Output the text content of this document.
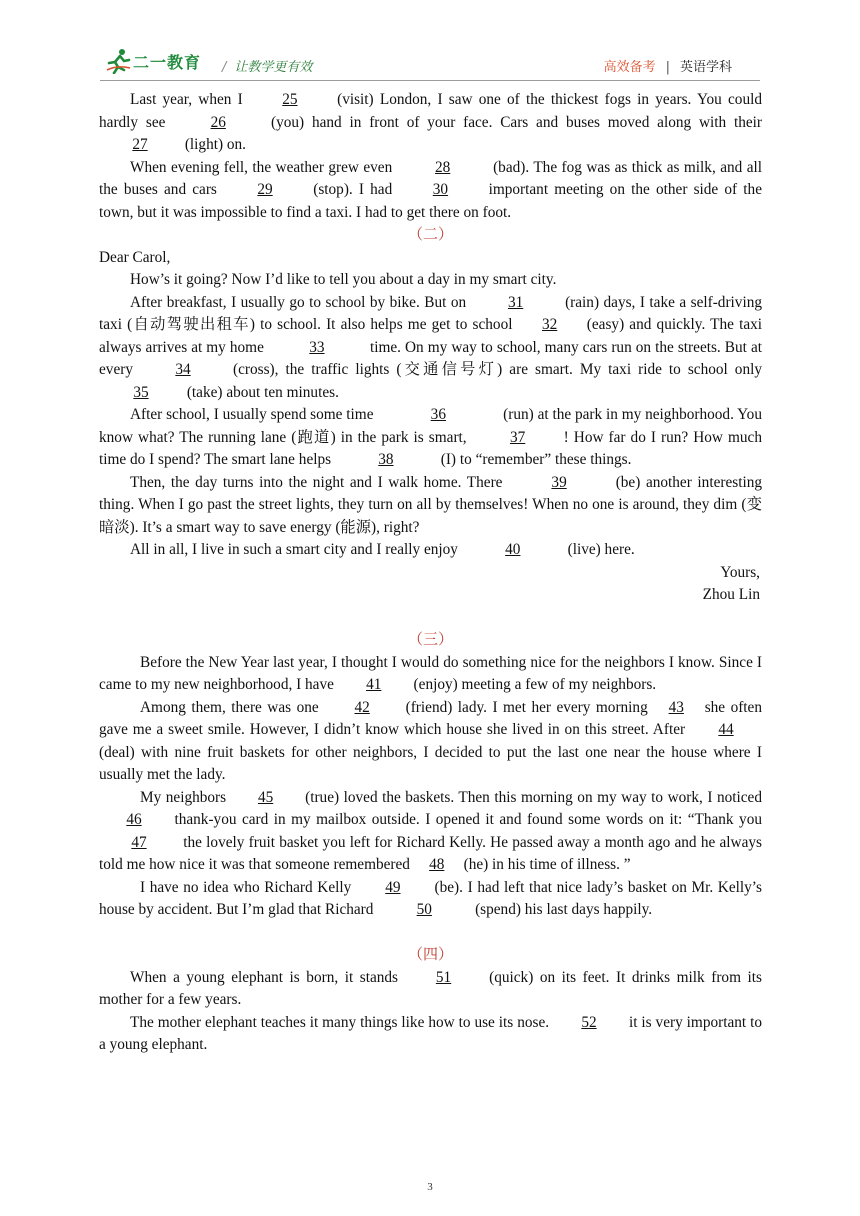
二一教育 / 让教学更有效	高效备考 | 英语学科

Last year, when I 25 (visit) London, I saw one of the thickest fogs in years. You could hardly see 26 (you) hand in front of your face. Cars and buses moved along with their 27 (light) on.

When evening fell, the weather grew even	28	(bad). The fog was as thick as milk, and all the buses and cars 29 (stop). I had 30 important meeting on the other side of the town, but it was impossible to find a taxi. I had to get there on foot.

（二）

Dear Carol,

How’s it going? Now I’d like to tell you about a day in my smart city.

After breakfast, I usually go to school by bike. But on 31 (rain) days, I take a self-driving taxi (自动驾驶出租车) to school. It also helps me get to school 32 (easy) and quickly. The taxi always arrives at my home	33	time. On my way to school, many cars run on the streets. But at every 34 (cross), the traffic lights (交通信号灯) are smart. My taxi ride to school only 35 (take) about ten minutes.

After school, I usually spend some time	36	(run) at the park in my neighborhood. You know what? The running lane (跑道) in the park is smart,	37	! How far do I run? How much time do I spend? The smart lane helps	38	(I) to “remember” these things.

Then, the day turns into the night and I walk home. There	39	(be) another interesting thing. When I go past the street lights, they turn on all by themselves! When no one is around, they dim (变暗淡). It’s a smart way to save energy (能源), right?

All in all, I live in such a smart city and I really enjoy	40	(live) here.

Yours,

Zhou Lin

（三）

Before the New Year last year, I thought I would do something nice for the neighbors I know. Since I came to my new neighborhood, I have 41 (enjoy) meeting a few of my neighbors.

Among them, there was one 42 (friend) lady. I met her every morning 43 she often gave me a sweet smile. However, I didn’t know which house she lived in on this street. After 44 (deal) with nine fruit baskets for other neighbors, I decided to put the last one near the house where I usually met the lady.

My neighbors 45 (true) loved the baskets. Then this morning on my way to work, I noticed 46 thank-you card in my mailbox outside. I opened it and found some words on it: “Thank you 47 the lovely fruit basket you left for Richard Kelly. He passed away a month ago and he always told me how nice it was that someone remembered 48 (he) in his time of illness. ”

I have no idea who Richard Kelly 49 (be). I had left that nice lady’s basket on Mr. Kelly’s house by accident. But I’m glad that Richard	50	(spend) his last days happily.

（四）

When a young elephant is born, it stands 51 (quick) on its feet. It drinks milk from its mother for a few years.

The mother elephant teaches it many things like how to use its nose. 52 it is very important to a young elephant.

3
